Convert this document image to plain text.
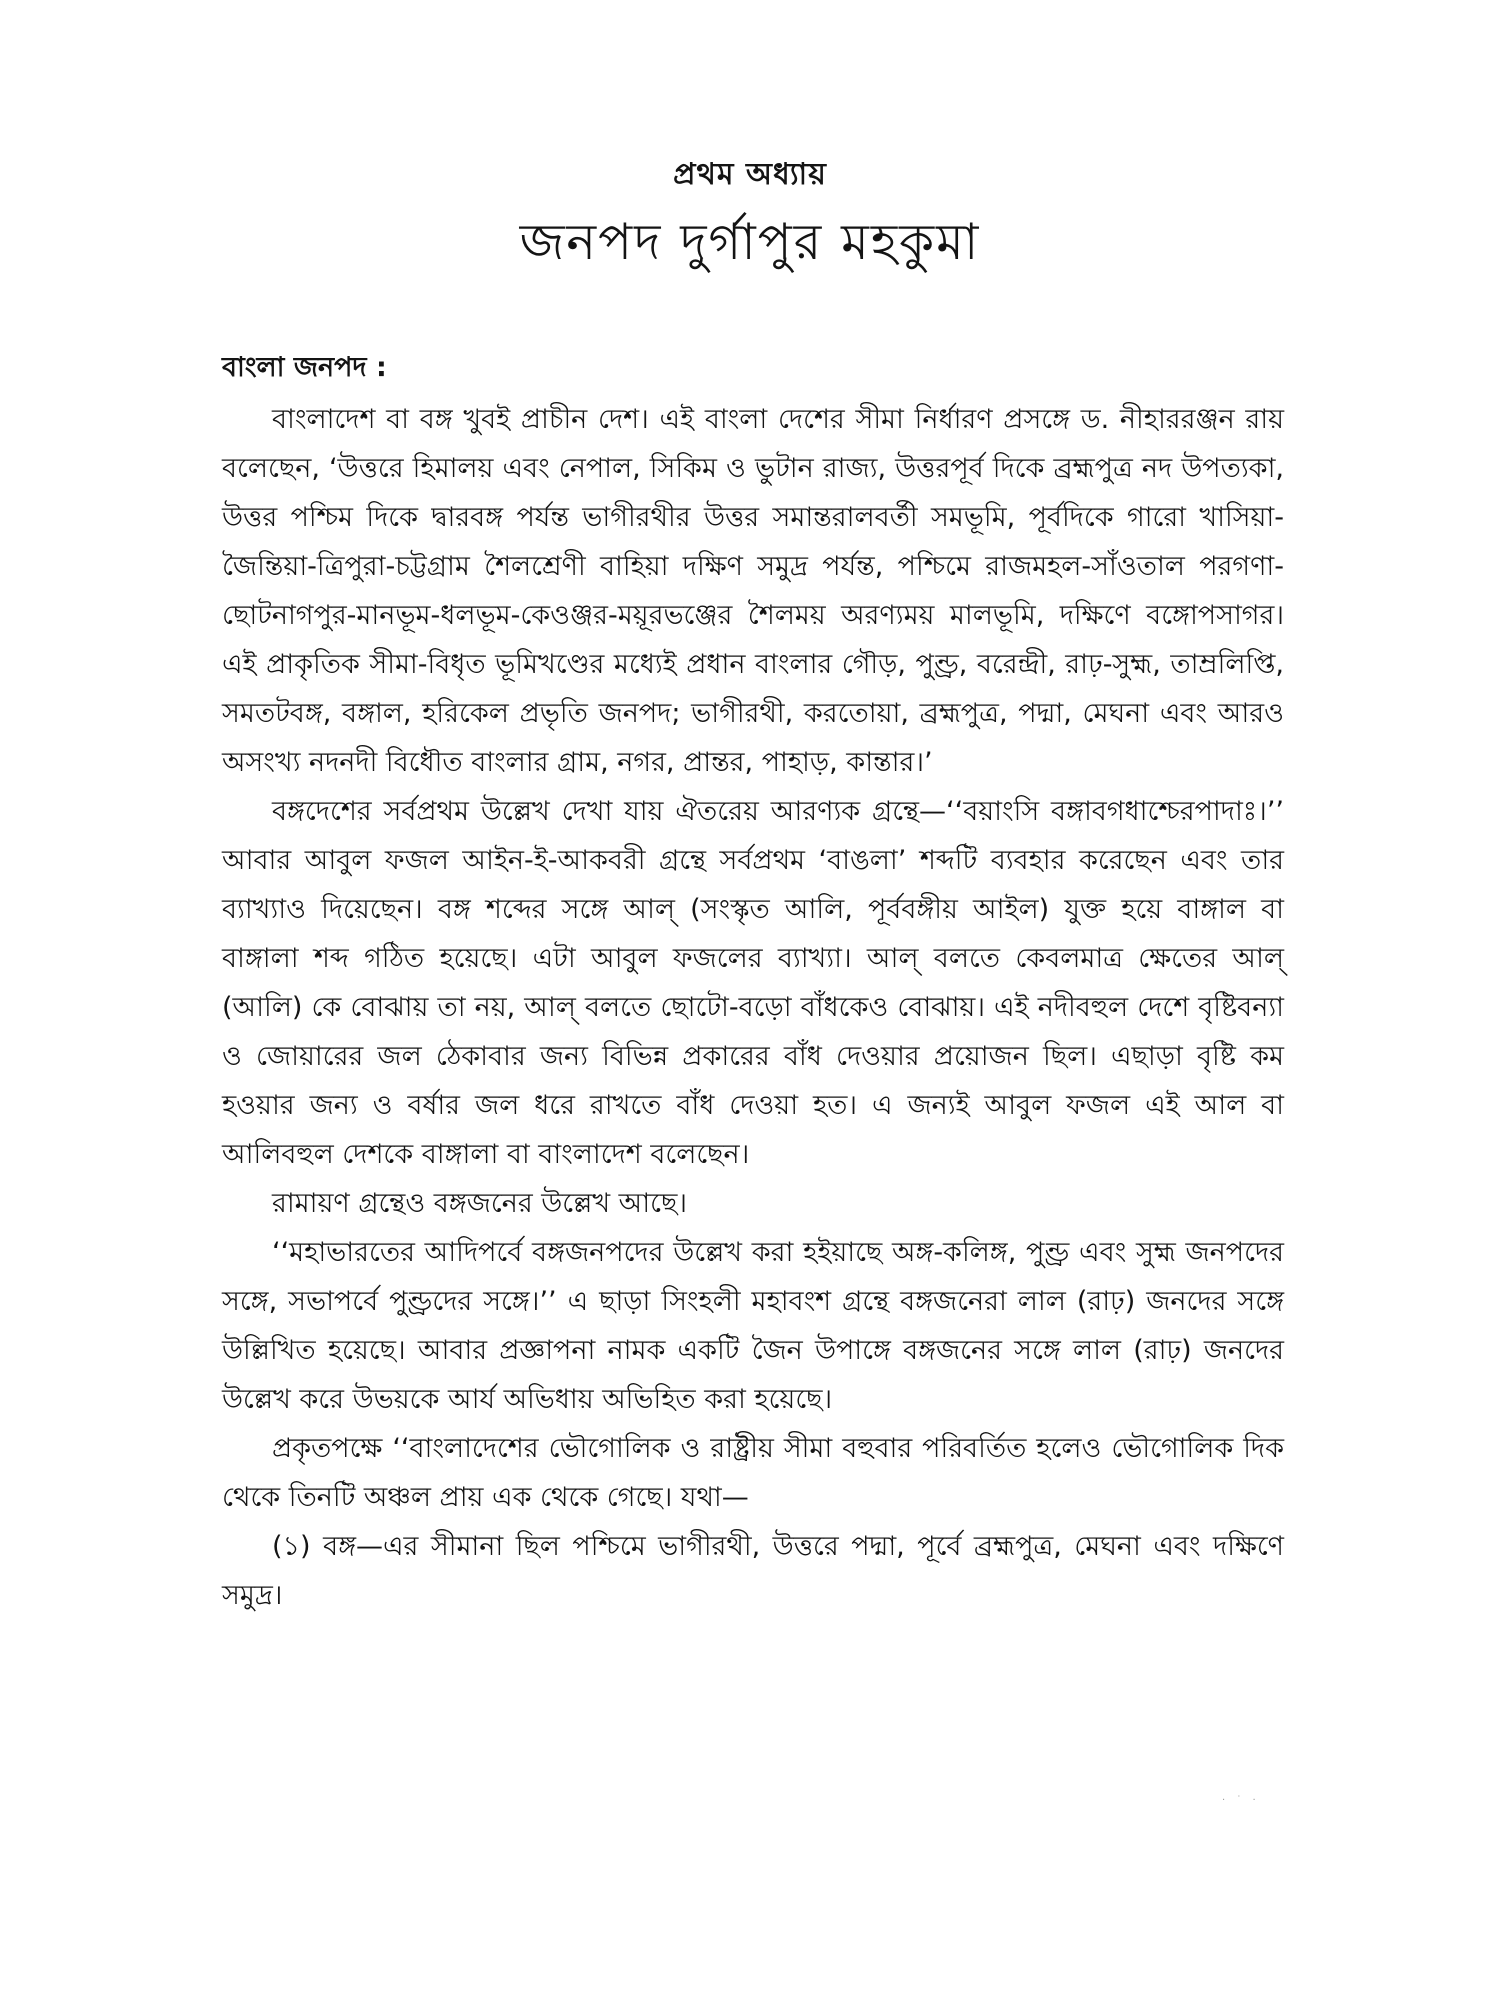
প্রথম অধ্যায়
জনপদ দুর্গাপুর মহকুমা
বাংলা জনপদ :

বাংলাদেশ বা বঙ্গ খুবই প্রাচীন দেশ। এই বাংলা দেশের সীমা নির্ধারণ প্রসঙ্গে ড. নীহাররঞ্জন রায় বলেছেন, ‘উত্তরে হিমালয় এবং নেপাল, সিকিম ও ভুটান রাজ্য, উত্তরপূর্ব দিকে ব্রহ্মপুত্র নদ উপত্যকা, উত্তর পশ্চিম দিকে দ্বারবঙ্গ পর্যন্ত ভাগীরথীর উত্তর সমান্তরালবর্তী সমভূমি, পূর্বদিকে গারো খাসিয়া-জৈন্তিয়া-ত্রিপুরা-চট্টগ্রাম শৈলশ্রেণী বাহিয়া দক্ষিণ সমুদ্র পর্যন্ত, পশ্চিমে রাজমহল-সাঁওতাল পরগণা-ছোটনাগপুর-মানভূম-ধলভূম-কেওঞ্জর-ময়ূরভঞ্জের শৈলময় অরণ্যময় মালভূমি, দক্ষিণে বঙ্গোপসাগর। এই প্রাকৃতিক সীমা-বিধৃত ভূমিখণ্ডের মধ্যেই প্রধান বাংলার গৌড়, পুণ্ড্র, বরেন্দ্রী, রাঢ়-সুহ্ম, তাম্রলিপ্তি, সমতটবঙ্গ, বঙ্গাল, হরিকেল প্রভৃতি জনপদ; ভাগীরথী, করতোয়া, ব্রহ্মপুত্র, পদ্মা, মেঘনা এবং আরও অসংখ্য নদনদী বিধৌত বাংলার গ্রাম, নগর, প্রান্তর, পাহাড়, কান্তার।’

বঙ্গদেশের সর্বপ্রথম উল্লেখ দেখা যায় ঐতরেয় আরণ্যক গ্রন্থে—‘‘বয়াংসি বঙ্গাবগধাশ্চেরপাদাঃ।’’ আবার আবুল ফজল আইন-ই-আকবরী গ্রন্থে সর্বপ্রথম ‘বাঙলা’ শব্দটি ব্যবহার করেছেন এবং তার ব্যাখ্যাও দিয়েছেন। বঙ্গ শব্দের সঙ্গে আল্ (সংস্কৃত আলি, পূর্ববঙ্গীয় আইল) যুক্ত হয়ে বাঙ্গাল বা বাঙ্গালা শব্দ গঠিত হয়েছে। এটা আবুল ফজলের ব্যাখ্যা। আল্ বলতে কেবলমাত্র ক্ষেতের আল্ (আলি) কে বোঝায় তা নয়, আল্ বলতে ছোটো-বড়ো বাঁধকেও বোঝায়। এই নদীবহুল দেশে বৃষ্টিবন্যা ও জোয়ারের জল ঠেকাবার জন্য বিভিন্ন প্রকারের বাঁধ দেওয়ার প্রয়োজন ছিল। এছাড়া বৃষ্টি কম হওয়ার জন্য ও বর্ষার জল ধরে রাখতে বাঁধ দেওয়া হত। এ জন্যই আবুল ফজল এই আল বা আলিবহুল দেশকে বাঙ্গালা বা বাংলাদেশ বলেছেন।

রামায়ণ গ্রন্থেও বঙ্গজনের উল্লেখ আছে।

‘‘মহাভারতের আদিপর্বে বঙ্গজনপদের উল্লেখ করা হইয়াছে অঙ্গ-কলিঙ্গ, পুণ্ড্র এবং সুহ্ম জনপদের সঙ্গে, সভাপর্বে পুণ্ড্রদের সঙ্গে।’’ এ ছাড়া সিংহলী মহাবংশ গ্রন্থে বঙ্গজনেরা লাল (রাঢ়) জনদের সঙ্গে উল্লিখিত হয়েছে। আবার প্রজ্ঞাপনা নামক একটি জৈন উপাঙ্গে বঙ্গজনের সঙ্গে লাল (রাঢ়) জনদের উল্লেখ করে উভয়কে আর্য অভিধায় অভিহিত করা হয়েছে।

প্রকৃতপক্ষে ‘‘বাংলাদেশের ভৌগোলিক ও রাষ্ট্রীয় সীমা বহুবার পরিবর্তিত হলেও ভৌগোলিক দিক থেকে তিনটি অঞ্চল প্রায় এক থেকে গেছে। যথা—

(১) বঙ্গ—এর সীমানা ছিল পশ্চিমে ভাগীরথী, উত্তরে পদ্মা, পূর্বে ব্রহ্মপুত্র, মেঘনা এবং দক্ষিণে সমুদ্র।

· ˙ ·
